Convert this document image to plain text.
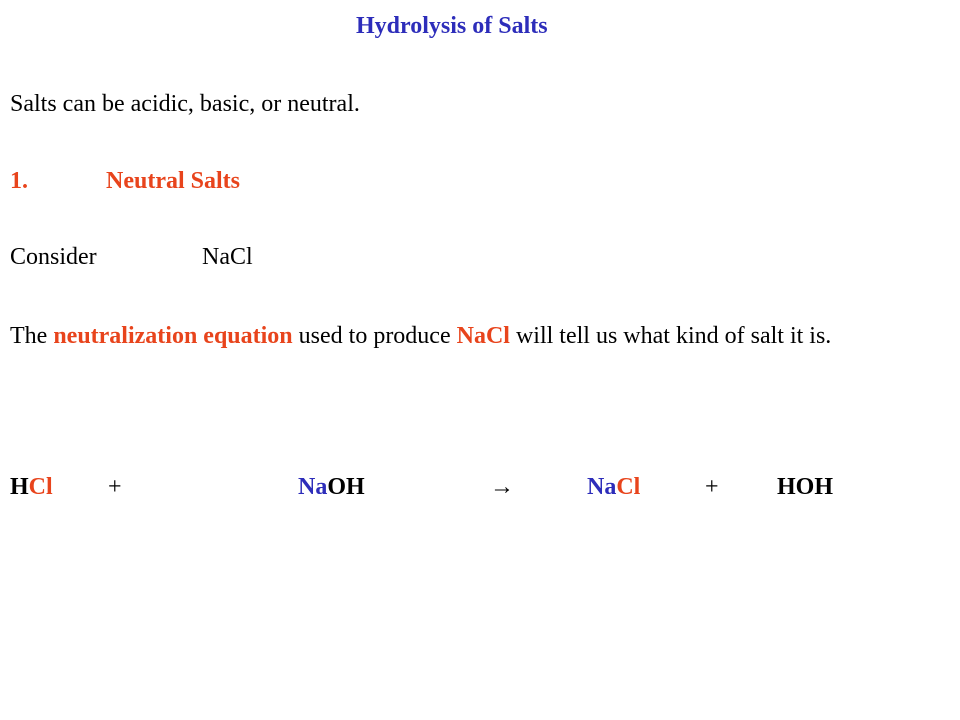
Hydrolysis of Salts
Salts can be acidic, basic, or neutral.
1.	Neutral Salts
Consider	NaCl
The neutralization equation used to produce NaCl will tell us what kind of salt it is.
HCl +	NaOH	→	NaCl	+ HOH
